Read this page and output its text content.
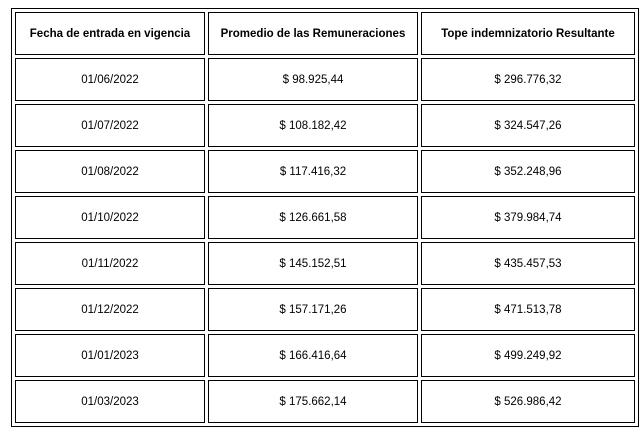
Fecha de entrada en vigencia	Promedio de las Remuneraciones	Tope indemnizatorio Resultante
01/06/2022	$ 98.925,44	$ 296.776,32
01/07/2022	$ 108.182,42	$ 324.547,26
01/08/2022	$ 117.416,32	$ 352.248,96
01/10/2022	$ 126.661,58	$ 379.984,74
01/11/2022	$ 145.152,51	$ 435.457,53
01/12/2022	$ 157.171,26	$ 471.513,78
01/01/2023	$ 166.416,64	$ 499.249,92
01/03/2023	$ 175.662,14	$ 526.986,42
